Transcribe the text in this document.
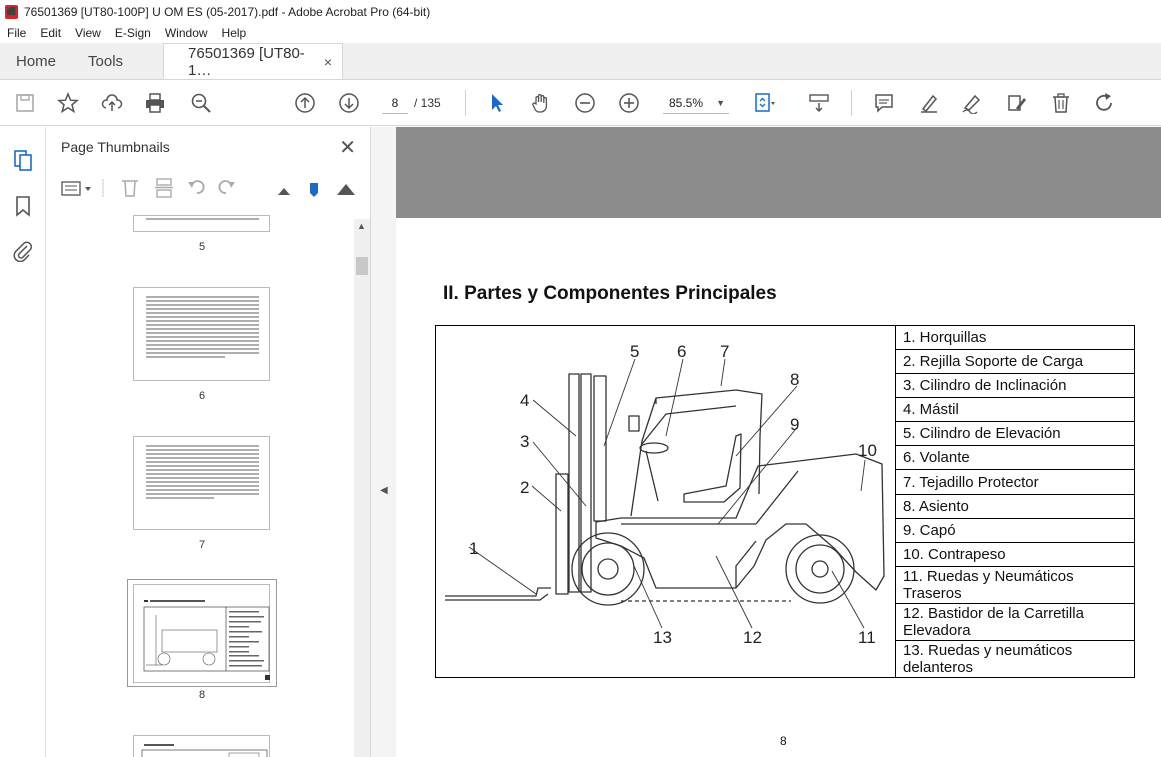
⬛ 76501369 [UT80-100P] U OM ES (05-2017).pdf - Adobe Acrobat Pro (64-bit)
File	Edit	View	E-Sign	Window	Help
Home	Tools	76501369 [UT80-1…	×
8	/ 135	85.5% ▼
Page Thumbnails	✕
5
6
7
8
▲
◀
II. Partes y Componentes Principales
1
2
3
4
5 6 7
8
9
10
11
12
13
1. Horquillas
2. Rejilla Soporte de Carga
3. Cilindro de Inclinación
4. Mástil
5. Cilindro de Elevación
6. Volante
7. Tejadillo Protector
8. Asiento
9. Capó
10. Contrapeso
11. Ruedas y Neumáticos Traseros
12. Bastidor de la Carretilla Elevadora
13. Ruedas y neumáticos delanteros
8
